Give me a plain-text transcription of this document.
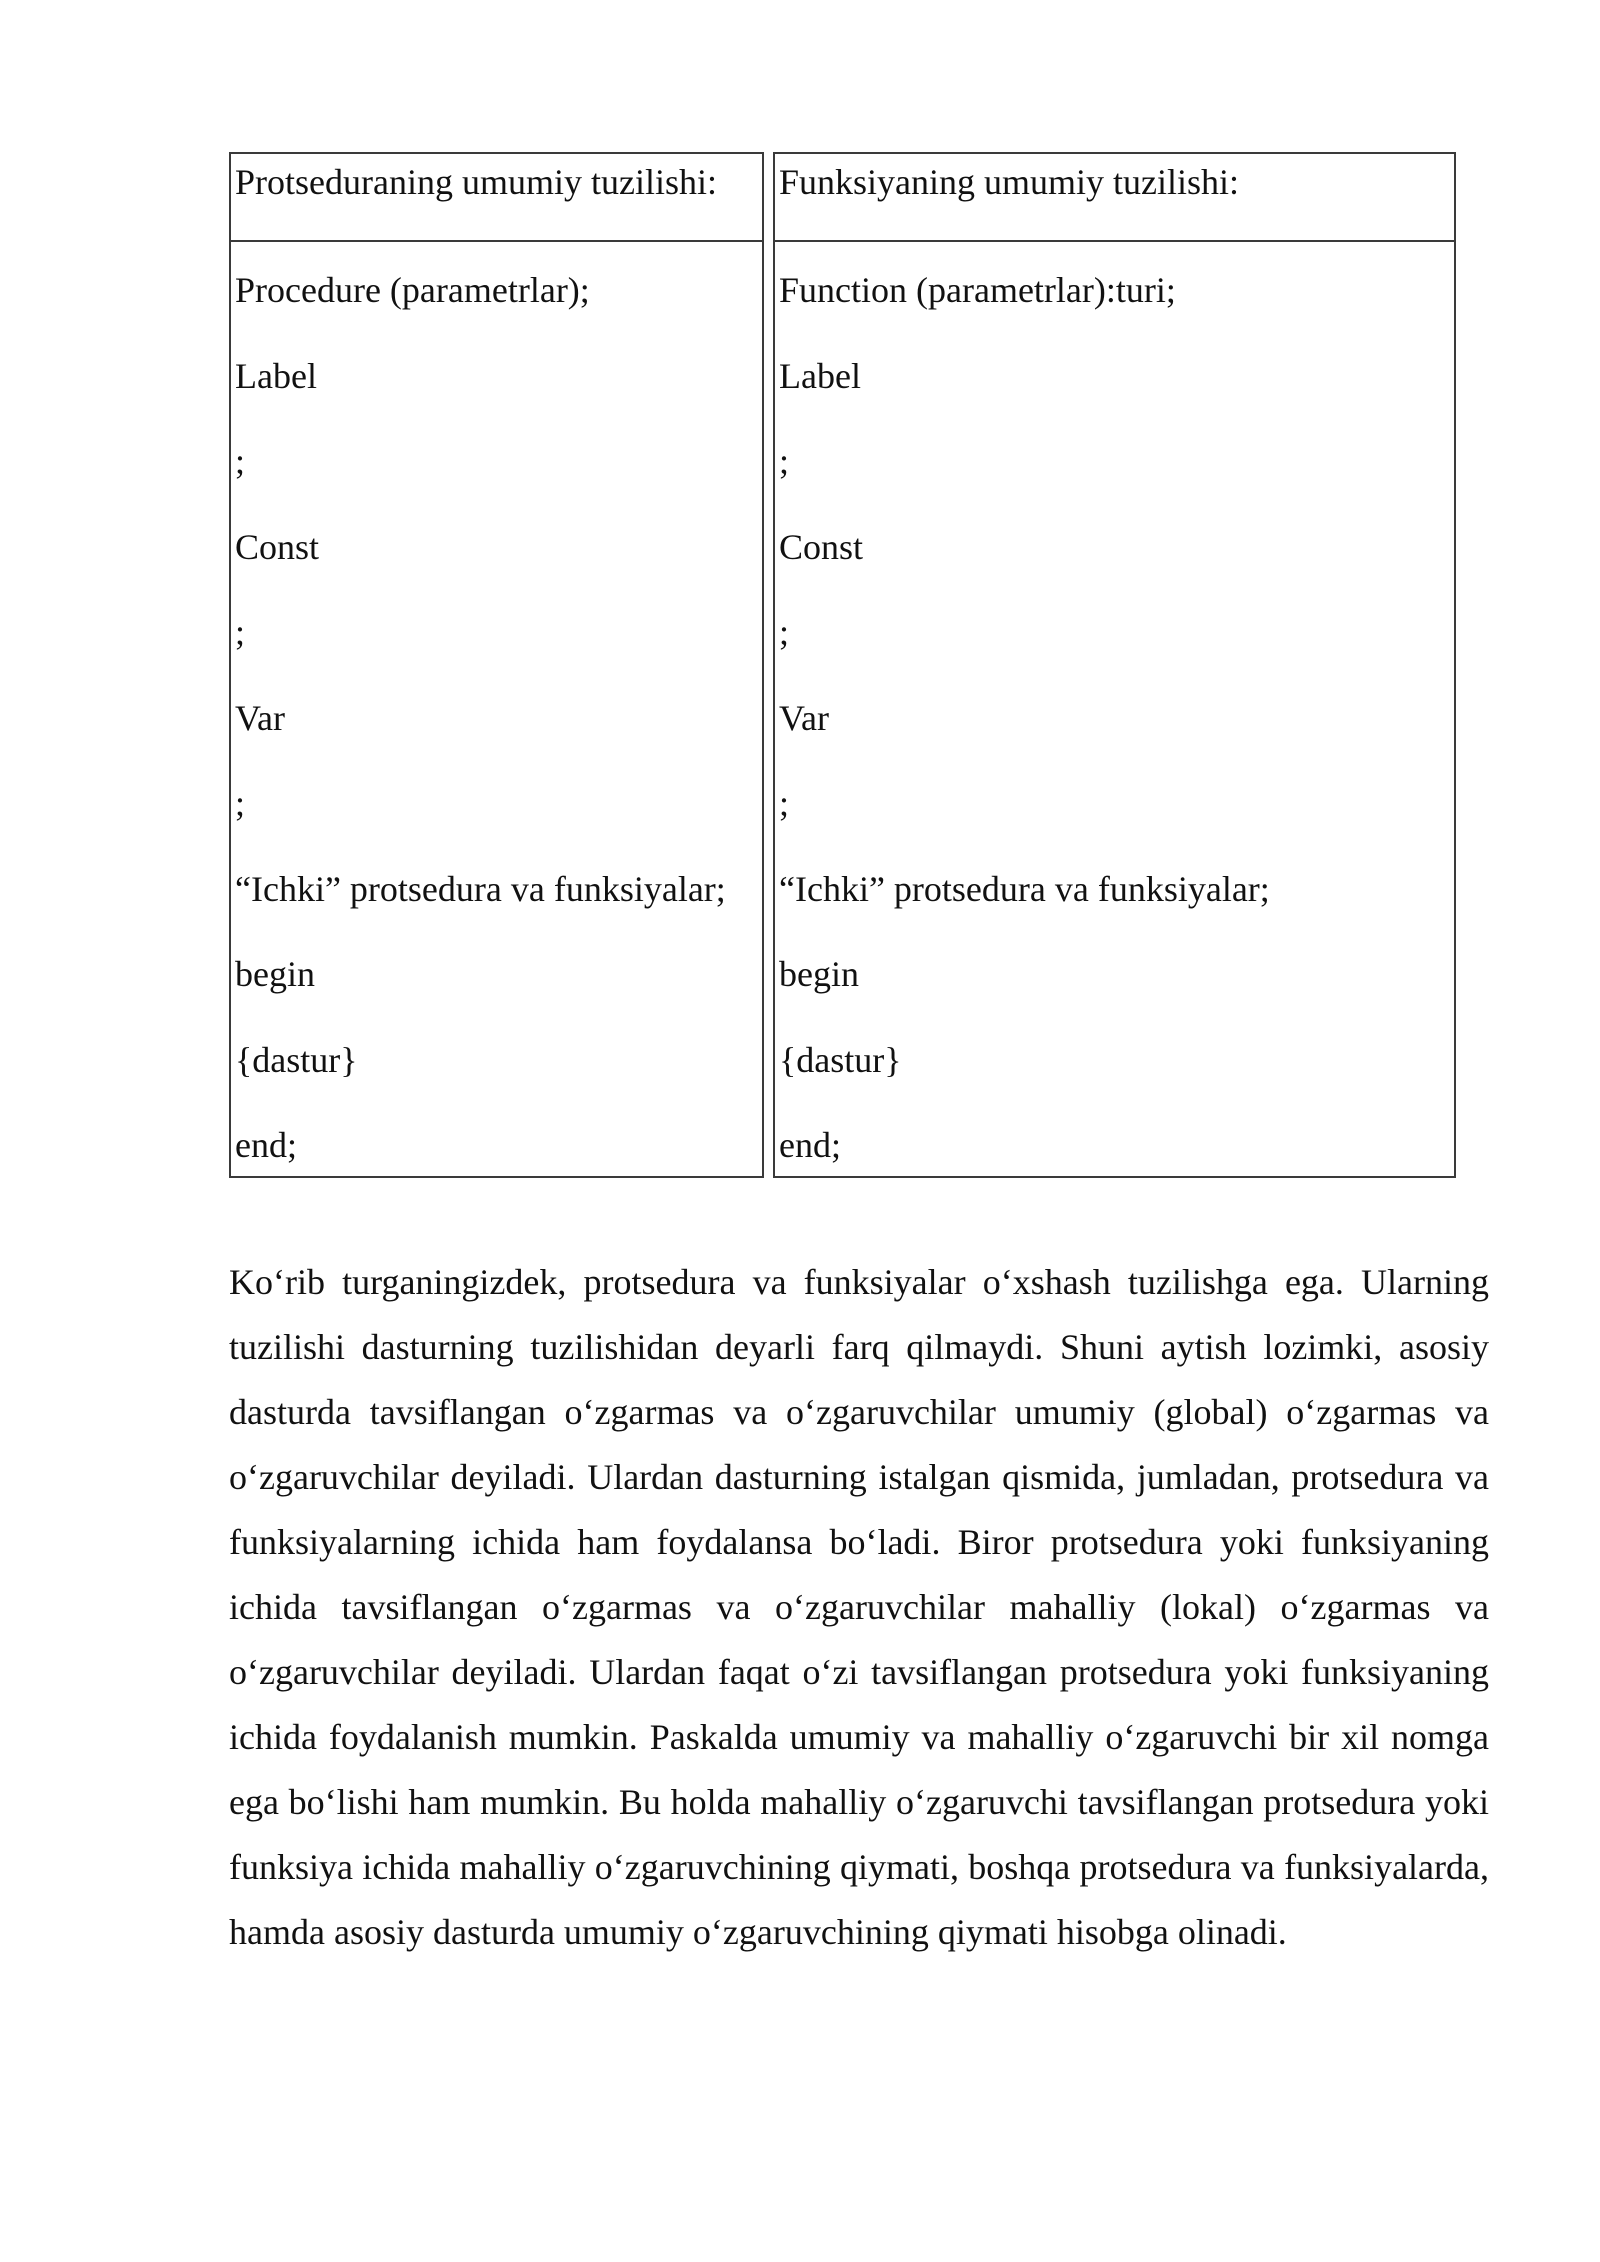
Protseduraning umumiy tuzilishi:
Procedure (parametrlar);
Label
;
Const
;
Var
;
“Ichki” protsedura va funksiyalar;
begin
{dastur}
end;
Funksiyaning umumiy tuzilishi:
Function (parametrlar):turi;
Label
;
Const
;
Var
;
“Ichki” protsedura va funksiyalar;
begin
{dastur}
end;

Koʻrib turganingizdek, protsedura va funksiyalar oʻxshash tuzilishga ega. Ularning tuzilishi dasturning tuzilishidan deyarli farq qilmaydi. Shuni aytish lozimki, asosiy dasturda tavsiflangan oʻzgarmas va oʻzgaruvchilar umumiy (global) oʻzgarmas va oʻzgaruvchilar deyiladi. Ulardan dasturning istalgan qismida, jumladan, protsedura va funksiyalarning ichida ham foydalansa boʻladi. Biror protsedura yoki funksiyaning ichida tavsiflangan oʻzgarmas va oʻzgaruvchilar mahalliy (lokal) oʻzgarmas va oʻzgaruvchilar deyiladi. Ulardan faqat oʻzi tavsiflangan protsedura yoki funksiyaning ichida foydalanish mumkin. Paskalda umumiy va mahalliy oʻzgaruvchi bir xil nomga ega boʻlishi ham mumkin. Bu holda mahalliy oʻzgaruvchi tavsiflangan protsedura yoki funksiya ichida mahalliy oʻzgaruvchining qiymati, boshqa protsedura va funksiyalarda, hamda asosiy dasturda umumiy oʻzgaruvchining qiymati hisobga olinadi.
